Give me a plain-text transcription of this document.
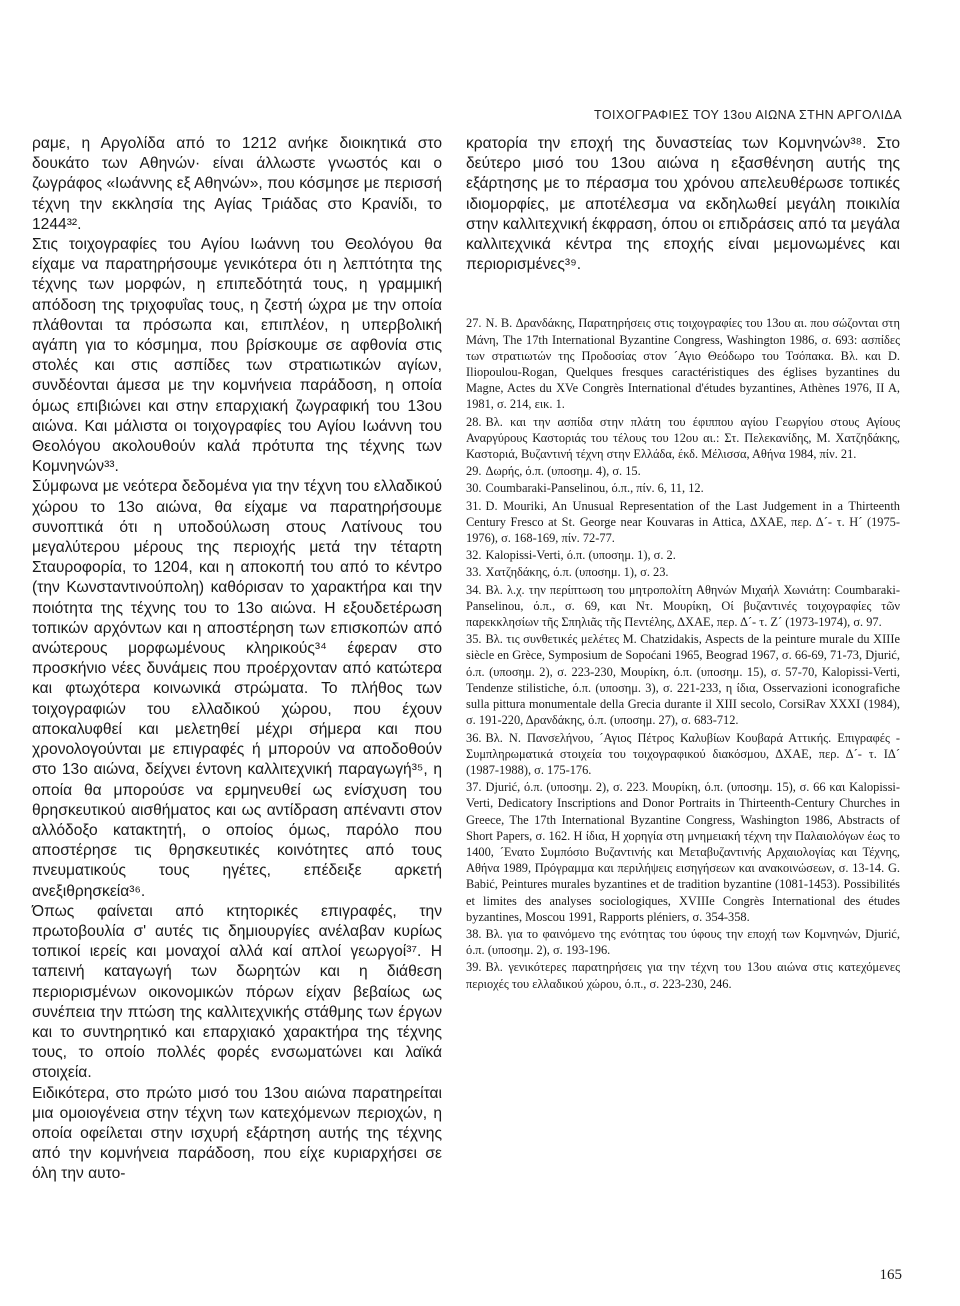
ΤΟΙΧΟΓΡΑΦΙΕΣ ΤΟΥ 13ου ΑΙΩΝΑ ΣΤΗΝ ΑΡΓΟΛΙΔΑ

ραμε, η Αργολίδα από το 1212 ανήκε διοικητικά στο δουκάτο των Αθηνών· είναι άλλωστε γνωστός και ο ζωγράφος «Ιωάννης εξ Αθηνών», που κόσμησε με περισσή τέχνη την εκκλησία της Αγίας Τριάδας στο Κρανίδι, το 1244³².

Στις τοιχογραφίες του Αγίου Ιωάννη του Θεολόγου θα είχαμε να παρατηρήσουμε γενικότερα ότι η λεπτότητα της τέχνης των μορφών, η επιπεδότητά τους, η γραμμική απόδοση της τριχοφυΐας τους, η ζεστή ώχρα με την οποία πλάθονται τα πρόσωπα και, επιπλέον, η υπερβολική αγάπη για το κόσμημα, που βρίσκουμε σε αφθονία στις στολές και στις ασπίδες των στρατιωτικών αγίων, συνδέονται άμεσα με την κομνήνεια παράδοση, η οποία όμως επιβιώνει και στην επαρχιακή ζωγραφική του 13ου αιώνα. Και μάλιστα οι τοιχογραφίες του Αγίου Ιωάννη του Θεολόγου ακολουθούν καλά πρότυπα της τέχνης των Κομνηνών³³.

Σύμφωνα με νεότερα δεδομένα για την τέχνη του ελλαδικού χώρου το 13ο αιώνα, θα είχαμε να παρατηρήσουμε συνοπτικά ότι η υποδούλωση στους Λατίνους του μεγαλύτερου μέρους της περιοχής μετά την τέταρτη Σταυροφορία, το 1204, και η αποκοπή του από το κέντρο (την Κωνσταντινούπολη) καθόρισαν το χαρακτήρα και την ποιότητα της τέχνης του το 13ο αιώνα. Η εξουδετέρωση τοπικών αρχόντων και η αποστέρηση των επισκοπών από ανώτερους μορφωμένους κληρικούς³⁴ έφεραν στο προσκήνιο νέες δυνάμεις που προέρχονταν από κατώτερα και φτωχότερα κοινωνικά στρώματα. Το πλήθος των τοιχογραφιών του ελλαδικού χώρου, που έχουν αποκαλυφθεί και μελετηθεί μέχρι σήμερα και που χρονολογούνται με επιγραφές ή μπορούν να αποδοθούν στο 13ο αιώνα, δείχνει έντονη καλλιτεχνική παραγωγή³⁵, η οποία θα μπορούσε να ερμηνευθεί ως ενίσχυση του θρησκευτικού αισθήματος και ως αντίδραση απέναντι στον αλλόδοξο κατακτητή, ο οποίος όμως, παρόλο που αποστέρησε τις θρησκευτικές κοινότητες από τους πνευματικούς τους ηγέτες, επέδειξε αρκετή ανεξιθρησκεία³⁶.

Όπως φαίνεται από κτητορικές επιγραφές, την πρωτοβουλία σ' αυτές τις δημιουργίες ανέλαβαν κυρίως τοπικοί ιερείς και μοναχοί αλλά καί απλοί γεωργοί³⁷. Η ταπεινή καταγωγή των δωρητών και η διάθεση περιορισμένων οικονομικών πόρων είχαν βεβαίως ως συνέπεια την πτώση της καλλιτεχνικής στάθμης των έργων και το συντηρητικό και επαρχιακό χαρακτήρα της τέχνης τους, το οποίο πολλές φορές ενσωματώνει και λαϊκά στοιχεία.

Ειδικότερα, στο πρώτο μισό του 13ου αιώνα παρατηρείται μια ομοιογένεια στην τέχνη των κατεχόμενων περιοχών, η οποία οφείλεται στην ισχυρή εξάρτηση αυτής της τέχνης από την κομνήνεια παράδοση, που είχε κυριαρχήσει σε όλη την αυτο-

κρατορία την εποχή της δυναστείας των Κομνηνών³⁸. Στο δεύτερο μισό του 13ου αιώνα η εξασθένηση αυτής της εξάρτησης με το πέρασμα του χρόνου απελευθέρωσε τοπικές ιδιομορφίες, με αποτέλεσμα να εκδηλωθεί μεγάλη ποικιλία στην καλλιτεχνική έκφραση, όπου οι επιδράσεις από τα μεγάλα καλλιτεχνικά κέντρα της εποχής είναι μεμονωμένες και περιορισμένες³⁹.

27. N. B. Δρανδάκης, Παρατηρήσεις στις τοιχογραφίες του 13ου αι. που σώζονται στη Μάνη, The 17th International Byzantine Congress, Washington 1986, σ. 693: ασπίδες των στρατιωτών της Προδοσίας στον ´Αγιο Θεόδωρο του Τσόπακα. Βλ. και D. Iliopoulou-Rogan, Quelques fresques caractéristiques des églises byzantines du Magne, Actes du XVe Congrès International d'études byzantines, Athènes 1976, II A, 1981, σ. 214, εικ. 1.
28. Βλ. και την ασπίδα στην πλάτη του έφιππου αγίου Γεωργίου στους Αγίους Αναργύρους Καστοριάς του τέλους του 12ου αι.: Στ. Πελεκανίδης, Μ. Χατζηδάκης, Καστοριά, Βυζαντινή τέχνη στην Ελλάδα, έκδ. Μέλισσα, Αθήνα 1984, πίν. 21.
29. Δωρής, ό.π. (υποσημ. 4), σ. 15.
30. Coumbaraki-Panselinou, ό.π., πίν. 6, 11, 12.
31. D. Mouriki, An Unusual Representation of the Last Judgement in a Thirteenth Century Fresco at St. George near Kouvaras in Attica, ΔΧΑΕ, περ. Δ´- τ. Η´ (1975-1976), σ. 168-169, πίν. 72-77.
32. Kalopissi-Verti, ό.π. (υποσημ. 1), σ. 2.
33. Χατζηδάκης, ό.π. (υποσημ. 1), σ. 23.
34. Βλ. λ.χ. την περίπτωση του μητροπολίτη Αθηνών Μιχαήλ Χωνιάτη: Coumbaraki-Panselinou, ό.π., σ. 69, και Ντ. Μουρίκη, Οί βυζαντινές τοιχογραφίες τῶν παρεκκλησίων τῆς Σπηλιᾶς τῆς Πεντέλης, ΔΧΑΕ, περ. Δ´- τ. Ζ´ (1973-1974), σ. 97.
35. Βλ. τις συνθετικές μελέτες M. Chatzidakis, Aspects de la peinture murale du XIIIe siècle en Grèce, Symposium de Sopoćani 1965, Beograd 1967, σ. 66-69, 71-73, Djurić, ό.π. (υποσημ. 2), σ. 223-230, Μουρίκη, ό.π. (υποσημ. 15), σ. 57-70, Kalopissi-Verti, Tendenze stilistiche, ό.π. (υποσημ. 3), σ. 221-233, η ίδια, Osservazioni iconografiche sulla pittura monumentale della Grecia durante il XIII secolo, CorsiRav XXXI (1984), σ. 191-220, Δρανδάκης, ό.π. (υποσημ. 27), σ. 683-712.
36. Βλ. Ν. Πανσελήνου, ´Αγιος Πέτρος Καλυβίων Κουβαρά Αττικής. Επιγραφές - Συμπληρωματικά στοιχεία του τοιχογραφικού διακόσμου, ΔΧΑΕ, περ. Δ´- τ. ΙΔ´ (1987-1988), σ. 175-176.
37. Djurić, ό.π. (υποσημ. 2), σ. 223. Μουρίκη, ό.π. (υποσημ. 15), σ. 66 και Kalopissi-Verti, Dedicatory Inscriptions and Donor Portraits in Thirteenth-Century Churches in Greece, The 17th International Byzantine Congress, Washington 1986, Abstracts of Short Papers, σ. 162. Η ίδια, Η χορηγία στη μνημειακή τέχνη την Παλαιολόγων έως το 1400, ´Ενατο Συμπόσιο Βυζαντινής και Μεταβυζαντινής Αρχαιολογίας και Τέχνης, Αθήνα 1989, Πρόγραμμα και περιλήψεις εισηγήσεων και ανακοινώσεων, σ. 13-14. G. Babić, Peintures murales byzantines et de tradition byzantine (1081-1453). Possibilités et limites des analyses sociologiques, XVIIIe Congrès International des études byzantines, Moscou 1991, Rapports pléniers, σ. 354-358.
38. Βλ. για το φαινόμενο της ενότητας του ύφους την εποχή των Κομνηνών, Djurić, ό.π. (υποσημ. 2), σ. 193-196.
39. Βλ. γενικότερες παρατηρήσεις για την τέχνη του 13ου αιώνα στις κατεχόμενες περιοχές του ελλαδικού χώρου, ό.π., σ. 223-230, 246.
165
